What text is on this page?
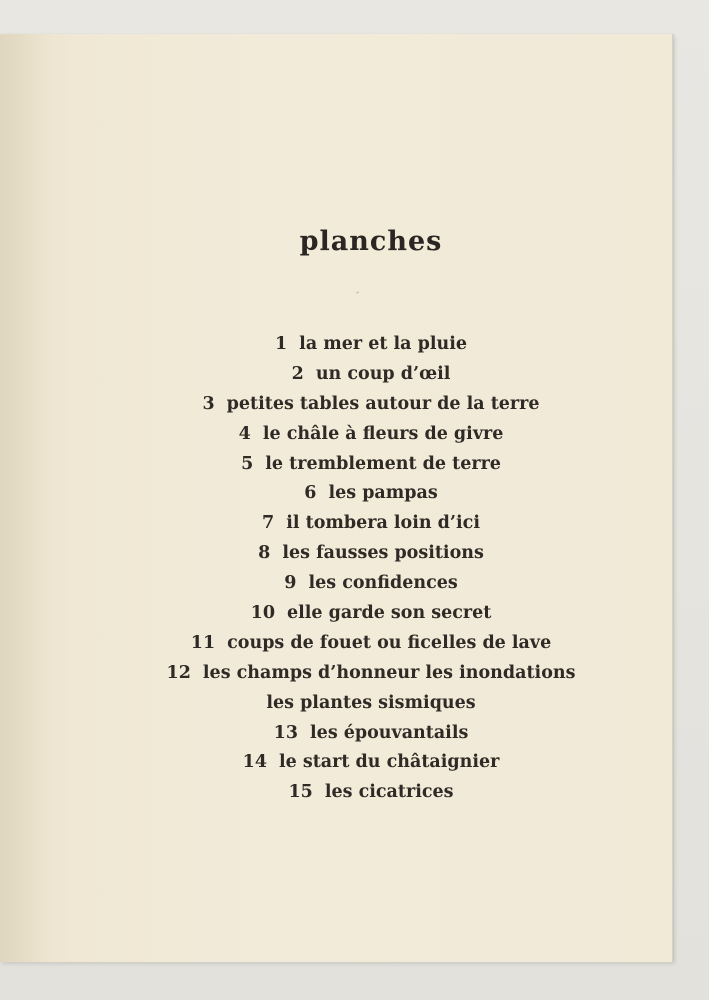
planches
1 la mer et la pluie
2 un coup d’œil
3 petites tables autour de la terre
4 le châle à fleurs de givre
5 le tremblement de terre
6 les pampas
7 il tombera loin d’ici
8 les fausses positions
9 les confidences
10 elle garde son secret
11 coups de fouet ou ficelles de lave
12 les champs d’honneur les inondations
les plantes sismiques
13 les épouvantails
14 le start du châtaignier
15 les cicatrices
